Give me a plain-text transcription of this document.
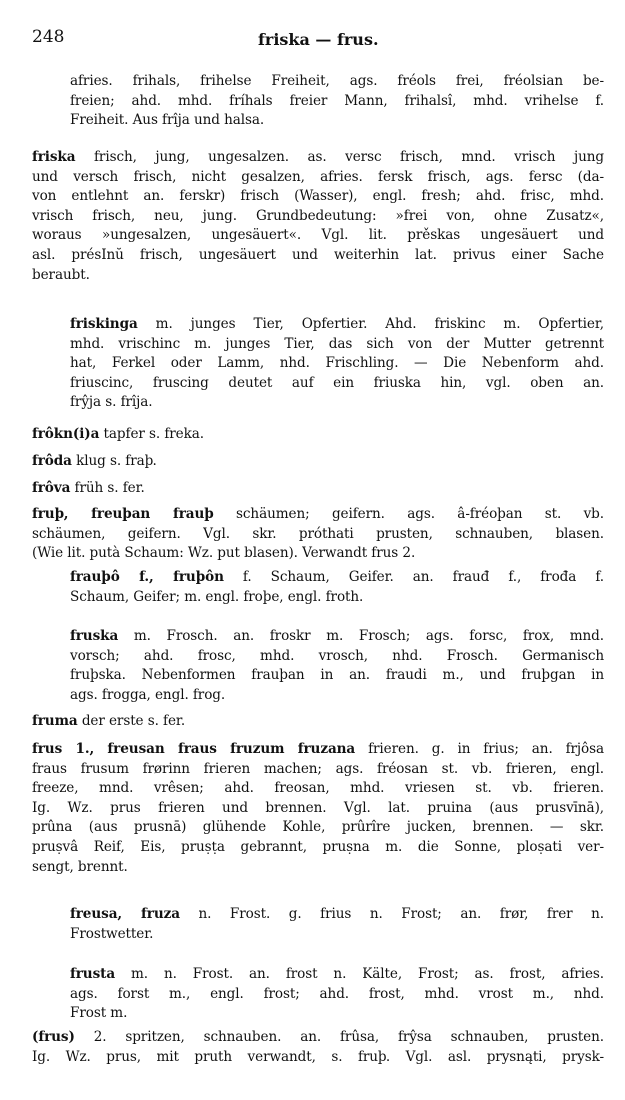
248	friska — frus.
afries. frihals, frihelse Freiheit, ags. fréols frei, fréolsian be-
freien; ahd. mhd. fríhals freier Mann, frihalsî, mhd. vrihelse f.
Freiheit. Aus frîja und halsa.
friska frisch, jung, ungesalzen. as. versc frisch, mnd. vrisch jung
und versch frisch, nicht gesalzen, afries. fersk frisch, ags. fersc (da-
von entlehnt an. ferskr) frisch (Wasser), engl. fresh; ahd. frisc, mhd.
vrisch frisch, neu, jung. Grundbedeutung: »frei von, ohne Zusatz«,
woraus »ungesalzen, ungesäuert«. Vgl. lit. prěskas ungesäuert und
asl. présInŭ frisch, ungesäuert und weiterhin lat. privus einer Sache
beraubt.
friskinga m. junges Tier, Opfertier. Ahd. friskinc m. Opfertier,
mhd. vrischinc m. junges Tier, das sich von der Mutter getrennt
hat, Ferkel oder Lamm, nhd. Frischling. — Die Nebenform ahd.
friuscinc, fruscing deutet auf ein friuska hin, vgl. oben an.
frŷja s. frîja.
frôkn(i)a tapfer s. freka.
frôda klug s. fraþ.
frôva früh s. fer.
fruþ, freuþan frauþ schäumen; geifern. ags. â-fréoþan st. vb.
schäumen, geifern. Vgl. skr. próthati prusten, schnauben, blasen.
(Wie lit. putà Schaum: Wz. put blasen). Verwandt frus 2.
frauþô f., fruþôn f. Schaum, Geifer. an. frauđ f., frođa f.
Schaum, Geifer; m. engl. froþe, engl. froth.
fruska m. Frosch. an. froskr m. Frosch; ags. forsc, frox, mnd.
vorsch; ahd. frosc, mhd. vrosch, nhd. Frosch. Germanisch
fruþska. Nebenformen frauþan in an. fraudi m., und fruþgan in
ags. frogga, engl. frog.
fruma der erste s. fer.
frus 1., freusan fraus fruzum fruzana frieren. g. in frius; an. frjôsa
fraus frusum frørinn frieren machen; ags. fréosan st. vb. frieren, engl.
freeze, mnd. vrêsen; ahd. freosan, mhd. vriesen st. vb. frieren.
Ig. Wz. prus frieren und brennen. Vgl. lat. pruina (aus prusvīnā),
prûna (aus prusnā) glühende Kohle, prûrîre jucken, brennen. — skr.
pruṣvâ Reif, Eis, pruṣṭa gebrannt, pruṣna m. die Sonne, ploṣati ver-
sengt, brennt.
freusa, fruza n. Frost. g. frius n. Frost; an. frør, frer n.
Frostwetter.
frusta m. n. Frost. an. frost n. Kälte, Frost; as. frost, afries.
ags. forst m., engl. frost; ahd. frost, mhd. vrost m., nhd.
Frost m.
(frus) 2. spritzen, schnauben. an. frûsa, frŷsa schnauben, prusten.
Ig. Wz. prus, mit pruth verwandt, s. fruþ. Vgl. asl. prysnąti, prysk-
